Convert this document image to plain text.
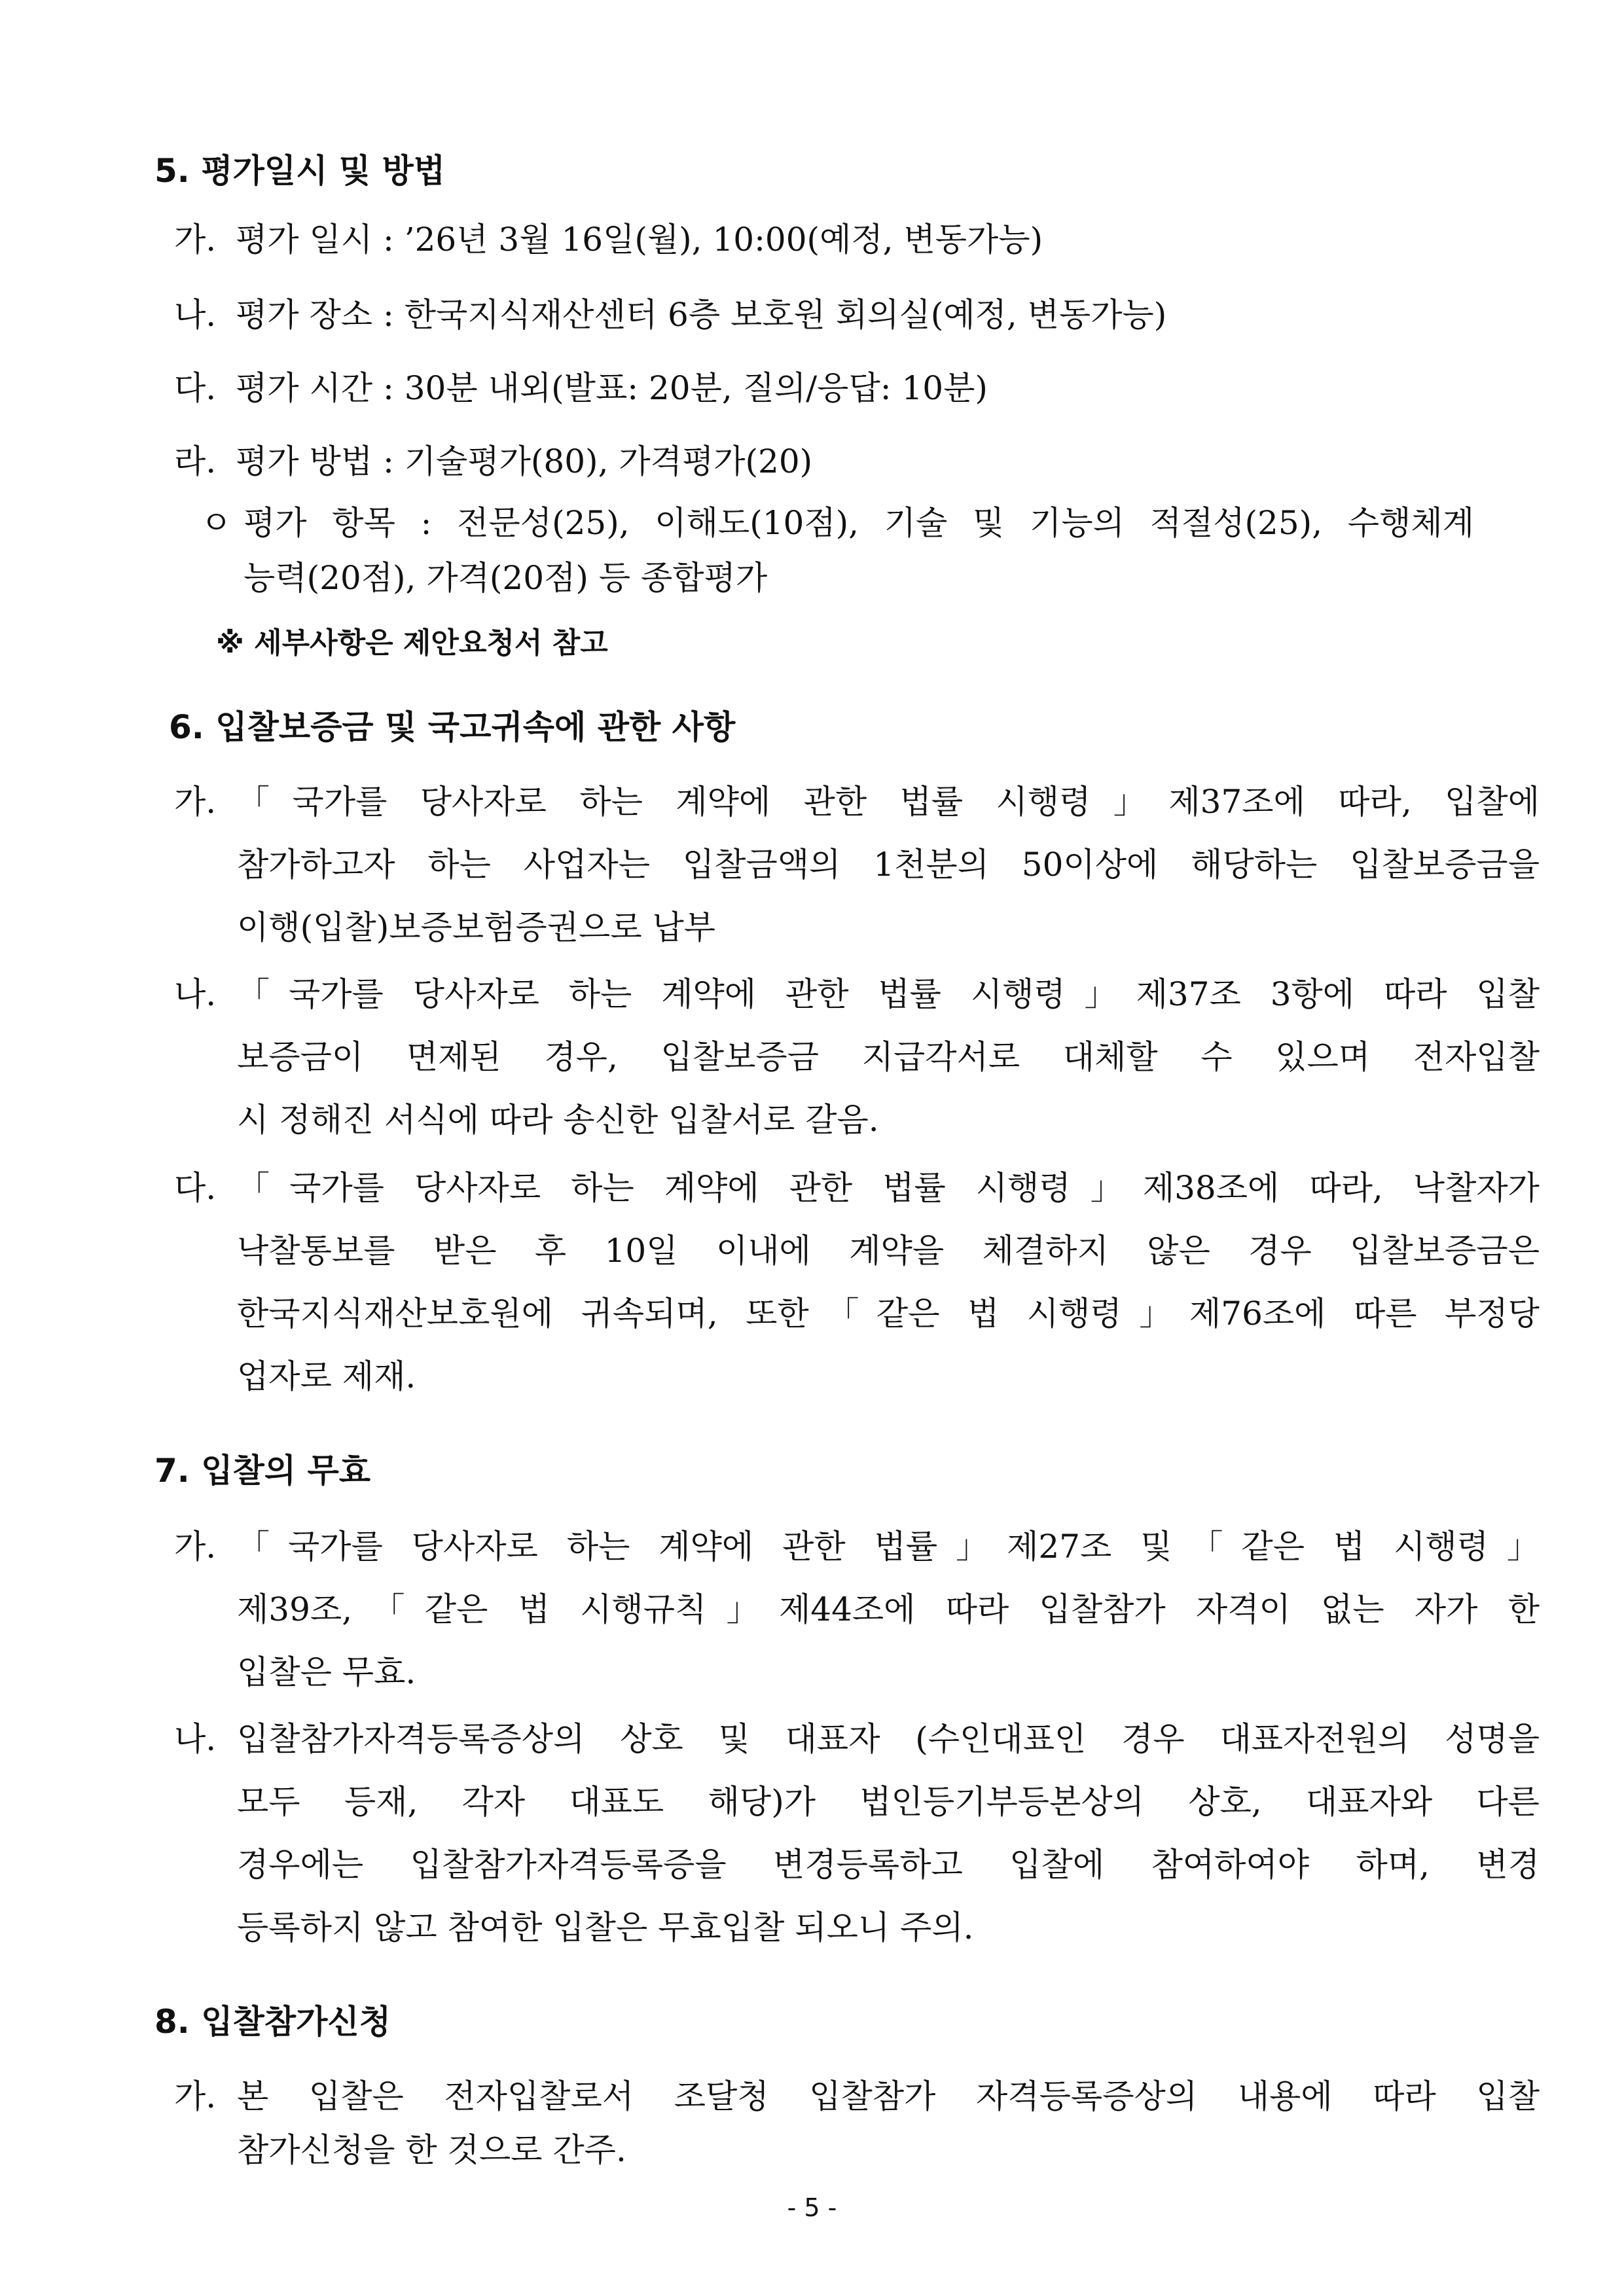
5. 평가일시 및 방법
가. 평가 일시 : ’26년 3월 16일(월), 10:00(예정, 변동가능)
나. 평가 장소 : 한국지식재산센터 6층 보호원 회의실(예정, 변동가능)
다. 평가 시간 : 30분 내외(발표: 20분, 질의/응답: 10분)
라. 평가 방법 : 기술평가(80), 가격평가(20)
ㅇ 평가 항목 : 전문성(25), 이해도(10점), 기술 및 기능의 적절성(25), 수행체계
능력(20점), 가격(20점) 등 종합평가
※ 세부사항은 제안요청서 참고
6. 입찰보증금 및 국고귀속에 관한 사항
가. 「국가를 당사자로 하는 계약에 관한 법률 시행령」제37조에 따라, 입찰에
참가하고자 하는 사업자는 입찰금액의 1천분의 50이상에 해당하는 입찰보증금을
이행(입찰)보증보험증권으로 납부
나. 「국가를 당사자로 하는 계약에 관한 법률 시행령」제37조 3항에 따라 입찰
보증금이 면제된 경우, 입찰보증금 지급각서로 대체할 수 있으며 전자입찰
시 정해진 서식에 따라 송신한 입찰서로 갈음.
다. 「국가를 당사자로 하는 계약에 관한 법률 시행령」제38조에 따라, 낙찰자가
낙찰통보를 받은 후 10일 이내에 계약을 체결하지 않은 경우 입찰보증금은
한국지식재산보호원에 귀속되며, 또한「같은 법 시행령」제76조에 따른 부정당
업자로 제재.
7. 입찰의 무효
가. 「국가를 당사자로 하는 계약에 관한 법률」제27조 및「같은 법 시행령」
제39조,「같은 법 시행규칙」제44조에 따라 입찰참가 자격이 없는 자가 한
입찰은 무효.
나. 입찰참가자격등록증상의 상호 및 대표자 (수인대표인 경우 대표자전원의 성명을
모두 등재, 각자 대표도 해당)가 법인등기부등본상의 상호, 대표자와 다른
경우에는 입찰참가자격등록증을 변경등록하고 입찰에 참여하여야 하며, 변경
등록하지 않고 참여한 입찰은 무효입찰 되오니 주의.
8. 입찰참가신청
가. 본 입찰은 전자입찰로서 조달청 입찰참가 자격등록증상의 내용에 따라 입찰
참가신청을 한 것으로 간주.
- 5 -
